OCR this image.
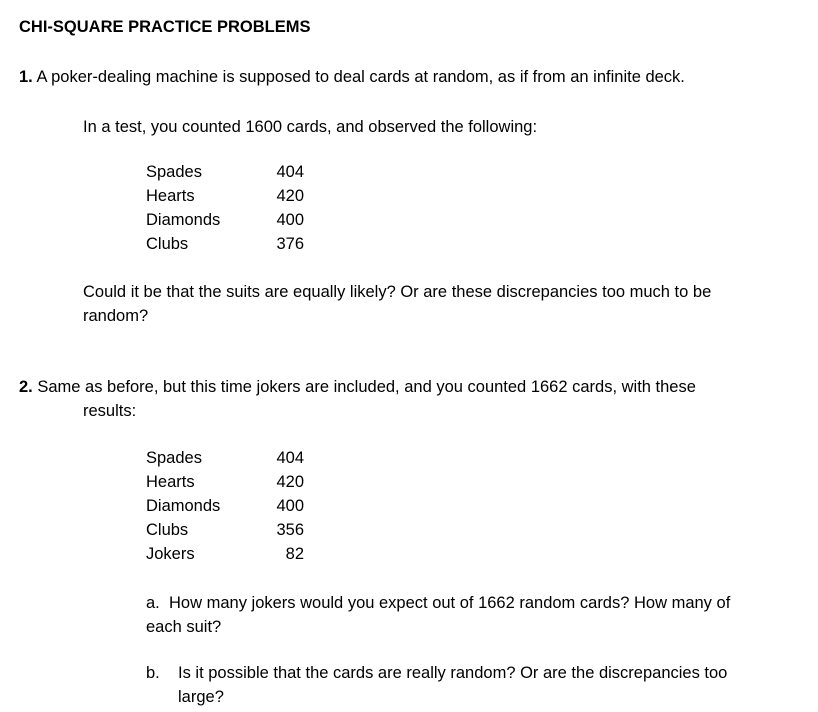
CHI-SQUARE PRACTICE PROBLEMS
1. A poker-dealing machine is supposed to deal cards at random, as if from an infinite deck.
In a test, you counted 1600 cards, and observed the following:
Spades	404
Hearts	420
Diamonds	400
Clubs	376
Could it be that the suits are equally likely? Or are these discrepancies too much to be
random?
2. Same as before, but this time jokers are included, and you counted 1662 cards, with these
results:
Spades	404
Hearts	420
Diamonds	400
Clubs	356
Jokers	82
a. How many jokers would you expect out of 1662 random cards? How many of
each suit?
b. Is it possible that the cards are really random? Or are the discrepancies too
large?
